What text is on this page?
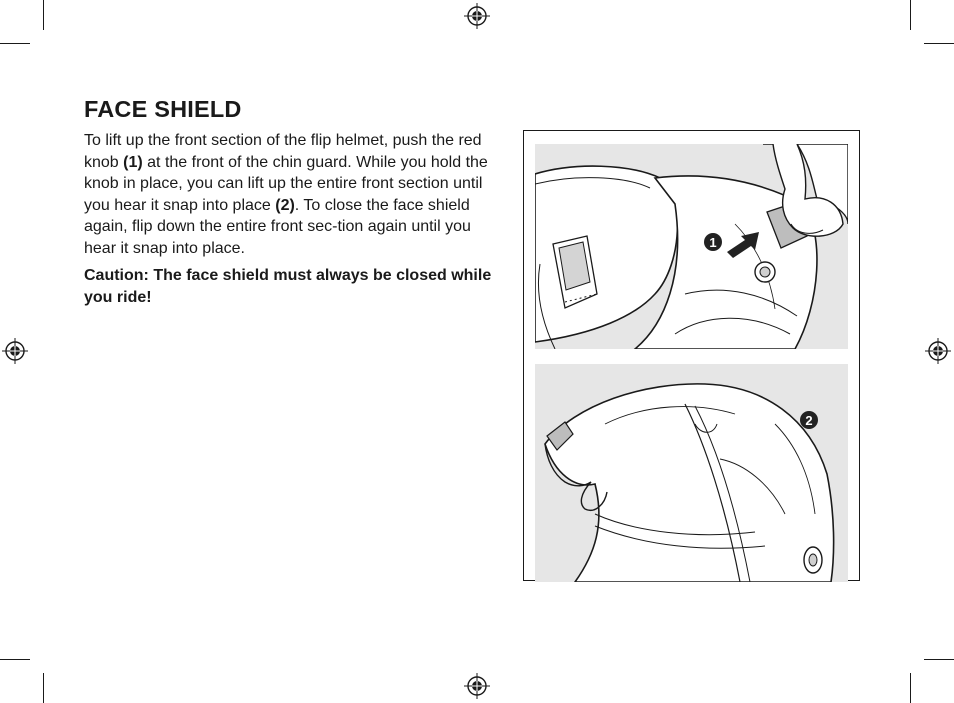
FACE SHIELD

To lift up the front section of the flip helmet, push the red knob (1) at the front of the chin guard. While you hold the knob in place, you can lift up the entire front section until you hear it snap into place (2). To close the face shield again, flip down the entire front sec-tion again until you hear it snap into place.

Caution: The face shield must always be closed while you ride!

1
2
